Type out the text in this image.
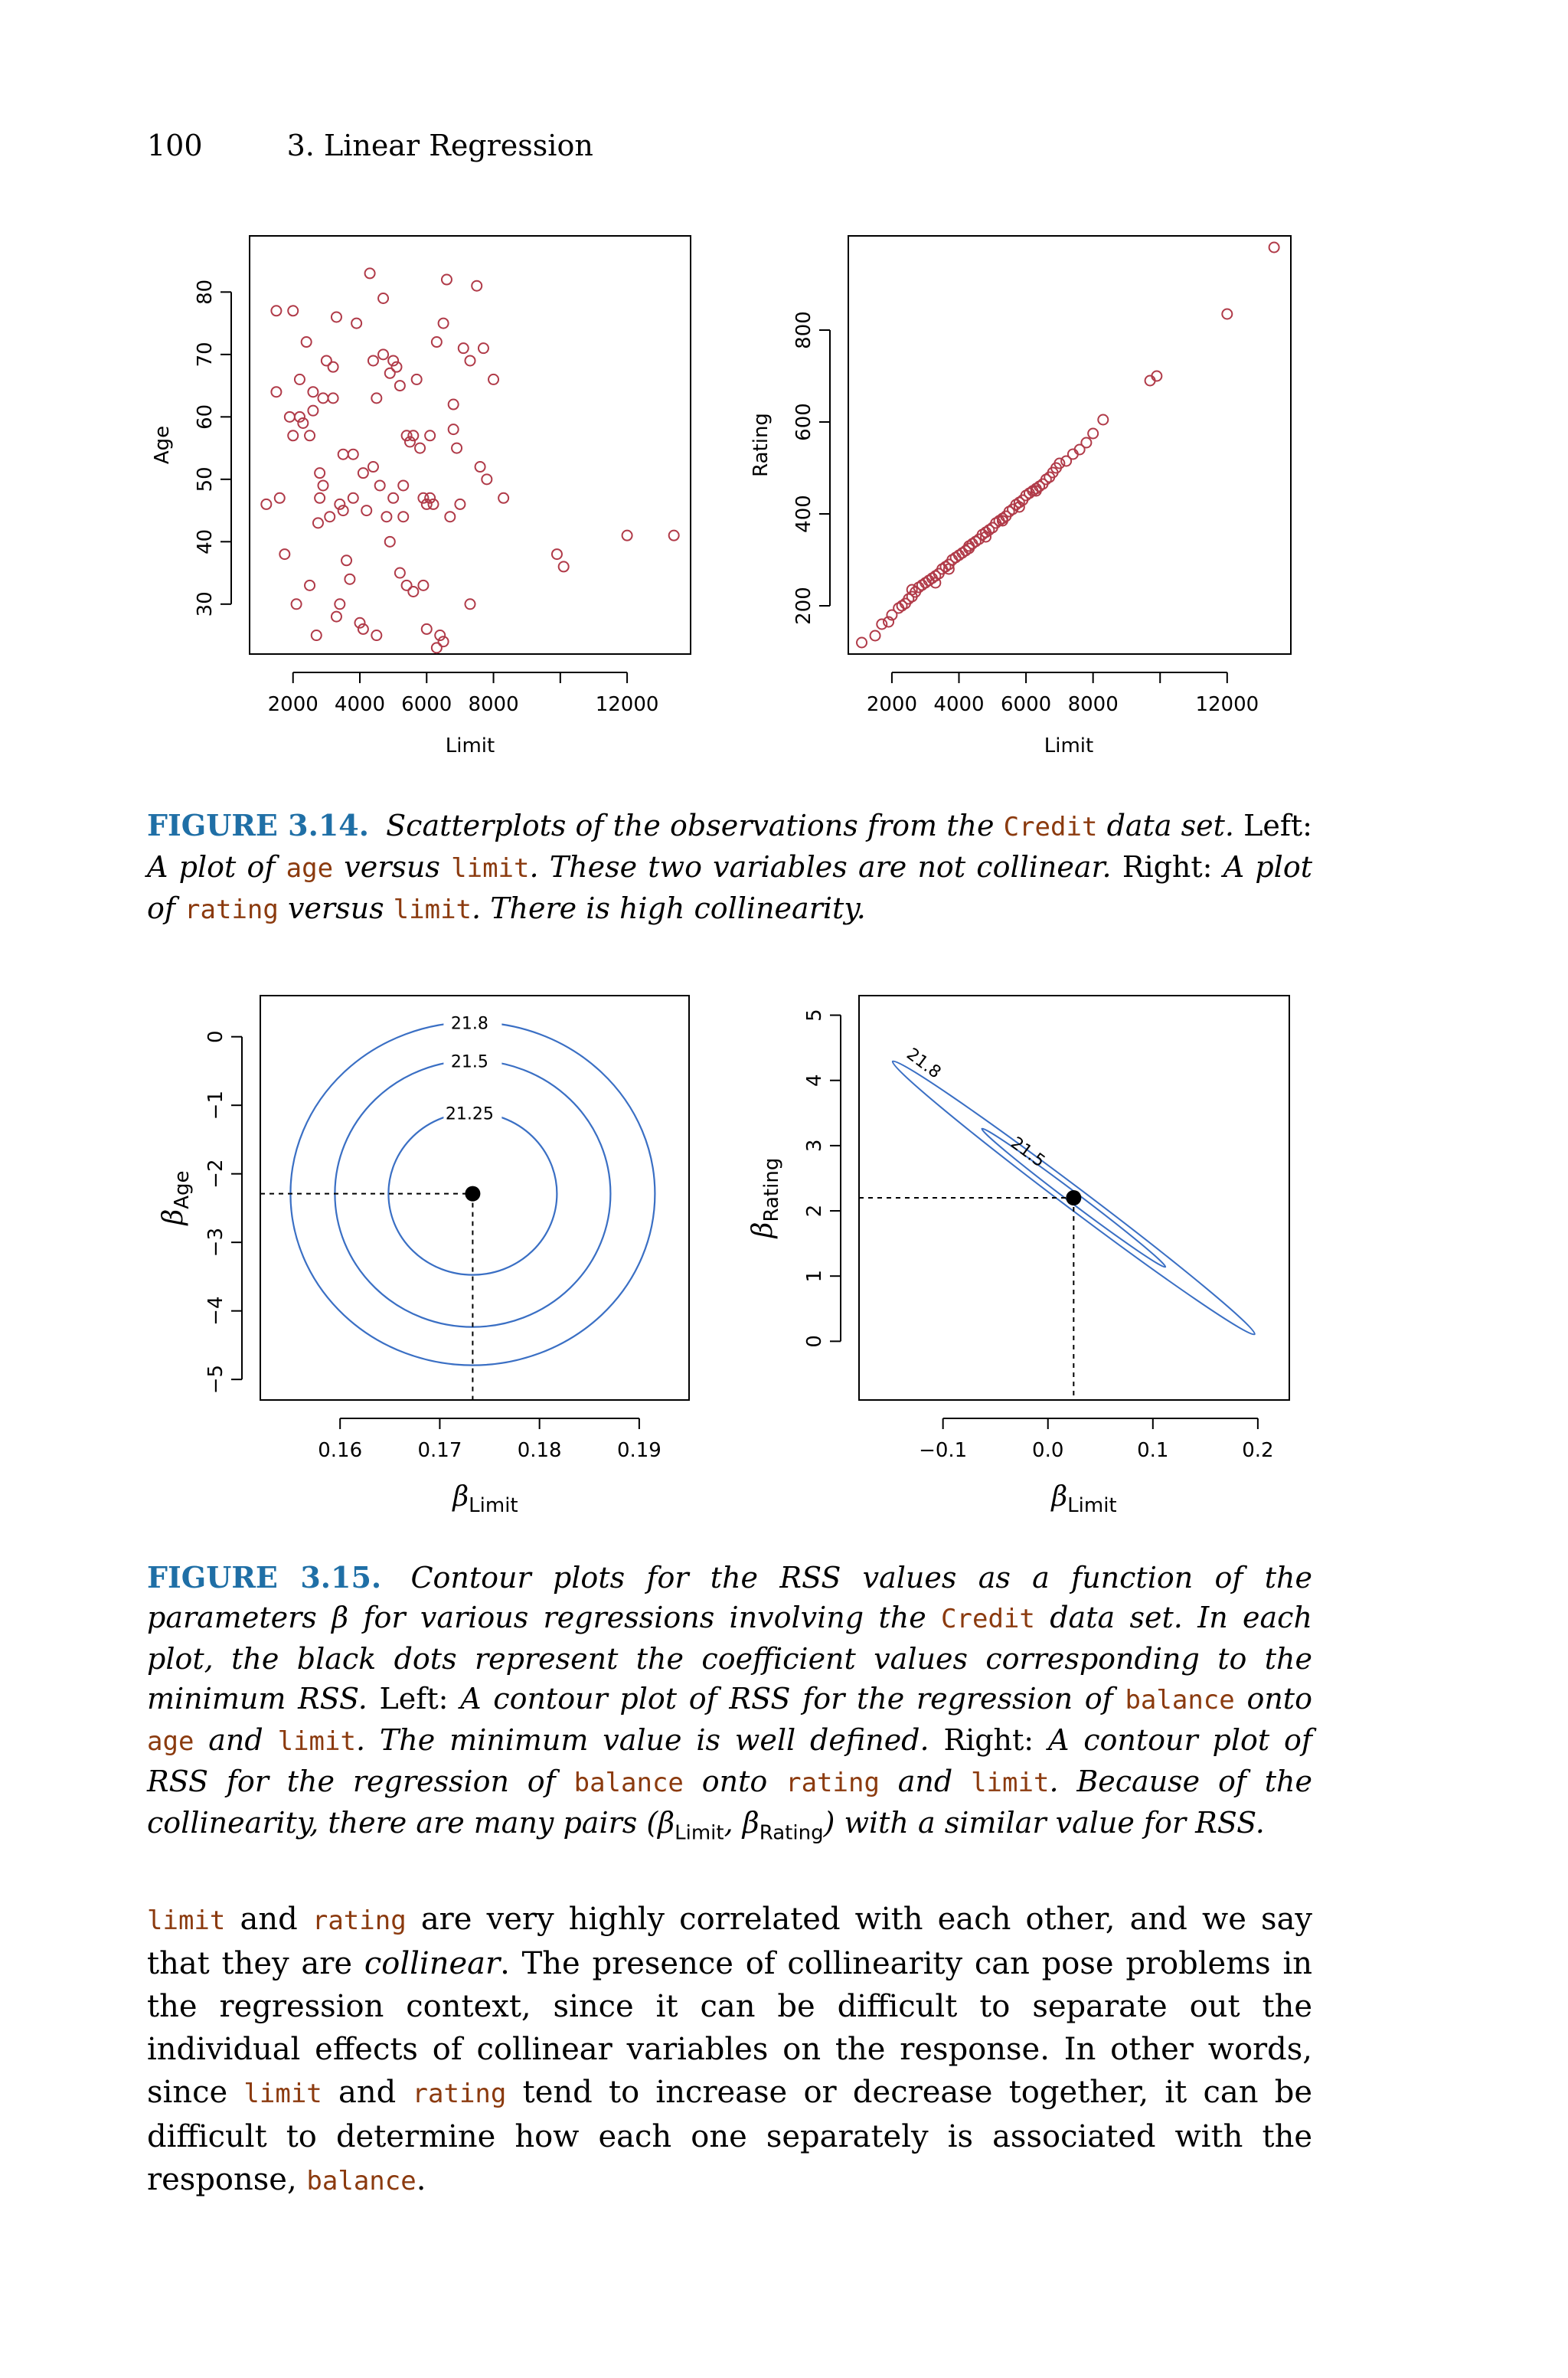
100	3. Linear Regression
2000 4000 6000 8000	12000
30
40
50
60
70
80
Limit
Age
2000 4000 6000 8000	12000
200
400
600
800
Limit
Rating
21.25
21.5
21.8
0.16	0.17	0.18	0.19
−5
−4
−3
−2
−1
0
$\beta_{Limit}$
$\beta_{Age}$
21.5
21.8
−0.1	0.0	0.1	0.2
0
1
2
3
4
5
$\beta_{Limit}$
$\beta_{Rating}$
FIGURE 3.14. Scatterplots of the observations from the Credit data set. Left: A plot of age versus limit. These two variables are not collinear. Right: A plot of rating versus limit. There is high collinearity.
FIGURE 3.15. Contour plots for the RSS values as a function of the parameters β for various regressions involving the Credit data set. In each plot, the black dots represent the coefficient values corresponding to the minimum RSS. Left: A contour plot of RSS for the regression of balance onto age and limit. The minimum value is well defined. Right: A contour plot of RSS for the regression of balance onto rating and limit. Because of the collinearity, there are many pairs ($\beta_{Limit}$, $\beta_{Rating}$) with a similar value for RSS.
limit and rating are very highly correlated with each other, and we say that they are collinear. The presence of collinearity can pose problems in the regression context, since it can be difficult to separate out the individual effects of collinear variables on the response. In other words, since limit and rating tend to increase or decrease together, it can be difficult to determine how each one separately is associated with the response, balance.
